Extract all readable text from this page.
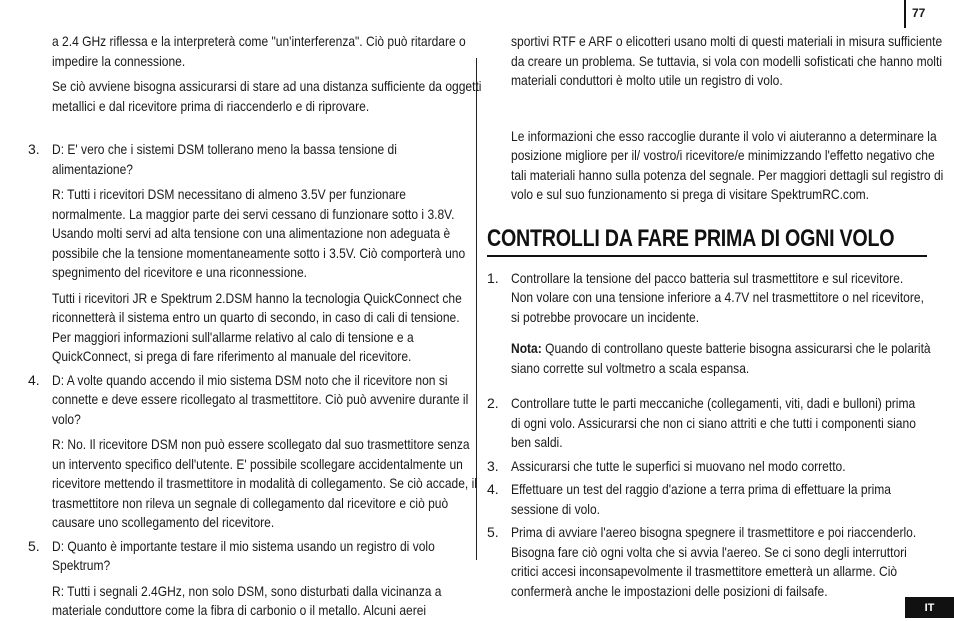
77

a 2.4 GHz riflessa e la interpreterà come "un'interferenza". Ciò può ritardare o impedire la connessione.

Se ciò avviene bisogna assicurarsi di stare ad una distanza sufficiente da oggetti metallici e dal ricevitore prima di riaccenderlo e di riprovare.

3. D: E' vero che i sistemi DSM tollerano meno la bassa tensione di alimentazione?

R: Tutti i ricevitori DSM necessitano di almeno 3.5V per funzionare normalmente. La maggior parte dei servi cessano di funzionare sotto i 3.8V. Usando molti servi ad alta tensione con una alimentazione non adeguata è possibile che la tensione momentaneamente sotto i 3.5V. Ciò comporterà uno spegnimento del ricevitore e una riconnessione.

Tutti i ricevitori JR e Spektrum 2.DSM hanno la tecnologia QuickConnect che riconnetterà il sistema entro un quarto di secondo, in caso di cali di tensione. Per maggiori informazioni sull'allarme relativo al calo di tensione e a QuickConnect, si prega di fare riferimento al manuale del ricevitore.

4. D: A volte quando accendo il mio sistema DSM noto che il ricevitore non si connette e deve essere ricollegato al trasmettitore. Ciò può avvenire durante il volo?

R: No. Il ricevitore DSM non può essere scollegato dal suo trasmettitore senza un intervento specifico dell'utente. E' possibile scollegare accidentalmente un ricevitore mettendo il trasmettitore in modalità di collegamento. Se ciò accade, il trasmettitore non rileva un segnale di collegamento dal ricevitore e ciò può causare uno scollegamento del ricevitore.

5. D: Quanto è importante testare il mio sistema usando un registro di volo Spektrum?

R: Tutti i segnali 2.4GHz, non solo DSM, sono disturbati dalla vicinanza a materiale conduttore come la fibra di carbonio o il metallo. Alcuni aerei

sportivi RTF e ARF o elicotteri usano molti di questi materiali in misura sufficiente da creare un problema. Se tuttavia, si vola con modelli sofisticati che hanno molti materiali conduttori è molto utile un registro di volo.

Le informazioni che esso raccoglie durante il volo vi aiuteranno a determinare la posizione migliore per il/ vostro/i ricevitore/e minimizzando l'effetto negativo che tali materiali hanno sulla potenza del segnale. Per maggiori dettagli sul registro di volo e sul suo funzionamento si prega di visitare SpektrumRC.com.

CONTROLLI DA FARE PRIMA DI OGNI VOLO
1. Controllare la tensione del pacco batteria sul trasmettitore e sul ricevitore. Non volare con una tensione inferiore a 4.7V nel trasmettitore o nel ricevitore, si potrebbe provocare un incidente.

Nota: Quando di controllano queste batterie bisogna assicurarsi che le polarità siano corrette sul voltmetro a scala espansa.

2. Controllare tutte le parti meccaniche (collegamenti, viti, dadi e bulloni) prima di ogni volo. Assicurarsi che non ci siano attriti e che tutti i componenti siano ben saldi.

3. Assicurarsi che tutte le superfici si muovano nel modo corretto.

4. Effettuare un test del raggio d'azione a terra prima di effettuare la prima sessione di volo.

5. Prima di avviare l'aereo bisogna spegnere il trasmettitore e poi riaccenderlo. Bisogna fare ciò ogni volta che si avvia l'aereo. Se ci sono degli interruttori critici accesi inconsapevolmente il trasmettitore emetterà un allarme. Ciò confermerà anche le impostazioni delle posizioni di failsafe.

IT
